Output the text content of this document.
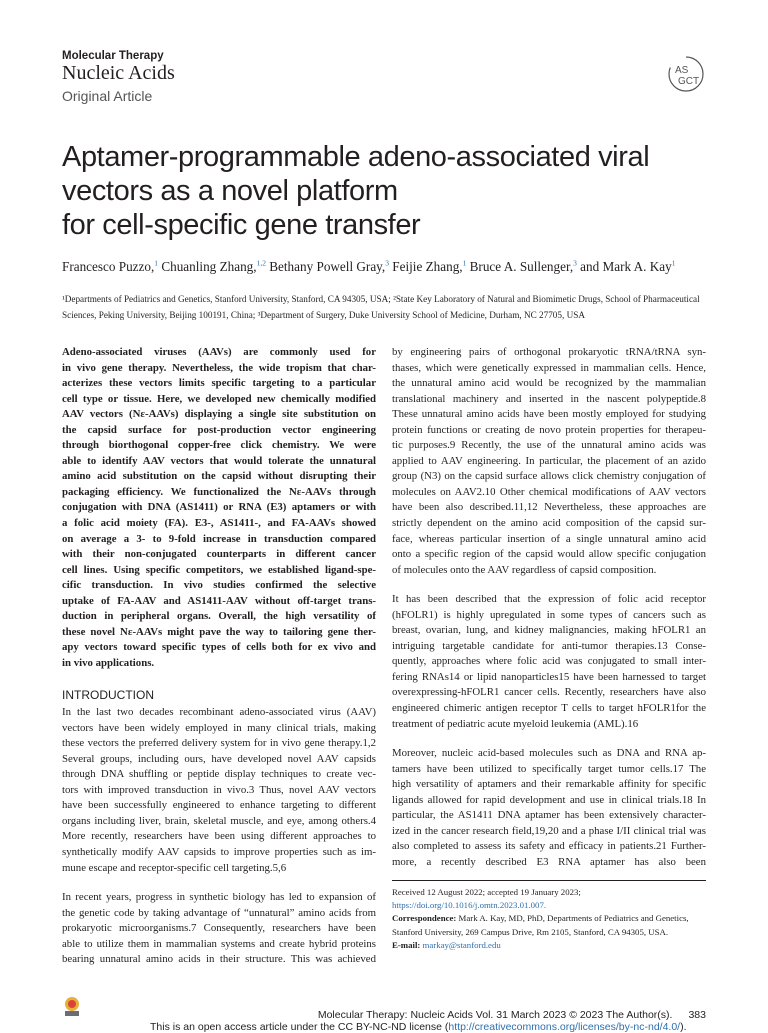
Molecular Therapy
Nucleic Acids
Original Article
AS
GCT
Aptamer-programmable adeno-associated viral
vectors as a novel platform
for cell-specific gene transfer
Francesco Puzzo,$^1$ Chuanling Zhang,$^{1,2}$ Bethany Powell Gray,$^3$ Feijie Zhang,$^1$ Bruce A. Sullenger,$^3$ and Mark A. Kay$^1$
¹Departments of Pediatrics and Genetics, Stanford University, Stanford, CA 94305, USA; ²State Key Laboratory of Natural and Biomimetic Drugs, School of Pharmaceutical
Sciences, Peking University, Beijing 100191, China; ³Department of Surgery, Duke University School of Medicine, Durham, NC 27705, USA

Adeno-associated viruses (AAVs) are commonly used for
in vivo gene therapy. Nevertheless, the wide tropism that char-
acterizes these vectors limits specific targeting to a particular
cell type or tissue. Here, we developed new chemically modified
AAV vectors (Nε-AAVs) displaying a single site substitution on
the capsid surface for post-production vector engineering
through biorthogonal copper-free click chemistry. We were
able to identify AAV vectors that would tolerate the unnatural
amino acid substitution on the capsid without disrupting their
packaging efficiency. We functionalized the Nε-AAVs through
conjugation with DNA (AS1411) or RNA (E3) aptamers or with
a folic acid moiety (FA). E3-, AS1411-, and FA-AAVs showed
on average a 3- to 9-fold increase in transduction compared
with their non-conjugated counterparts in different cancer
cell lines. Using specific competitors, we established ligand-spe-
cific transduction. In vivo studies confirmed the selective
uptake of FA-AAV and AS1411-AAV without off-target trans-
duction in peripheral organs. Overall, the high versatility of
these novel Nε-AAVs might pave the way to tailoring gene ther-
apy vectors toward specific types of cells both for ex vivo and
in vivo applications.

INTRODUCTION

In the last two decades recombinant adeno-associated virus (AAV)
vectors have been widely employed in many clinical trials, making
these vectors the preferred delivery system for in vivo gene therapy.1,2
Several groups, including ours, have developed novel AAV capsids
through DNA shuffling or peptide display techniques to create vec-
tors with improved transduction in vivo.3 Thus, novel AAV vectors
have been successfully engineered to enhance targeting to different
organs including liver, brain, skeletal muscle, and eye, among others.4
More recently, researchers have been using different approaches to
synthetically modify AAV capsids to improve properties such as im-
mune escape and receptor-specific cell targeting.5,6

In recent years, progress in synthetic biology has led to expansion of
the genetic code by taking advantage of “unnatural” amino acids from
prokaryotic microorganisms.7 Consequently, researchers have been
able to utilize them in mammalian systems and create hybrid proteins
bearing unnatural amino acids in their structure. This was achieved

by engineering pairs of orthogonal prokaryotic tRNA/tRNA syn-
thases, which were genetically expressed in mammalian cells. Hence,
the unnatural amino acid would be recognized by the mammalian
translational machinery and inserted in the nascent polypeptide.8
These unnatural amino acids have been mostly employed for studying
protein functions or creating de novo protein properties for therapeu-
tic purposes.9 Recently, the use of the unnatural amino acids was
applied to AAV engineering. In particular, the placement of an azido
group (N3) on the capsid surface allows click chemistry conjugation of
molecules on AAV2.10 Other chemical modifications of AAV vectors
have been also described.11,12 Nevertheless, these approaches are
strictly dependent on the amino acid composition of the capsid sur-
face, whereas particular insertion of a single unnatural amino acid
onto a specific region of the capsid would allow specific conjugation
of molecules onto the AAV regardless of capsid composition.

It has been described that the expression of folic acid receptor
(hFOLR1) is highly upregulated in some types of cancers such as
breast, ovarian, lung, and kidney malignancies, making hFOLR1 an
intriguing targetable candidate for anti-tumor therapies.13 Conse-
quently, approaches where folic acid was conjugated to small inter-
fering RNAs14 or lipid nanoparticles15 have been harnessed to target
overexpressing-hFOLR1 cancer cells. Recently, researchers have also
engineered chimeric antigen receptor T cells to target hFOLR1for the
treatment of pediatric acute myeloid leukemia (AML).16

Moreover, nucleic acid-based molecules such as DNA and RNA ap-
tamers have been utilized to specifically target tumor cells.17 The
high versatility of aptamers and their remarkable affinity for specific
ligands allowed for rapid development and use in clinical trials.18 In
particular, the AS1411 DNA aptamer has been extensively character-
ized in the cancer research field,19,20 and a phase I/II clinical trial was
also completed to assess its safety and efficacy in patients.21 Further-
more, a recently described E3 RNA aptamer has also been

Received 12 August 2022; accepted 19 January 2023;
https://doi.org/10.1016/j.omtn.2023.01.007.
Correspondence: Mark A. Kay, MD, PhD, Departments of Pediatrics and Genetics, Stanford University, 269 Campus Drive, Rm 2105, Stanford, CA 94305, USA.
E-mail: markay@stanford.edu
Molecular Therapy: Nucleic Acids Vol. 31 March 2023 © 2023 The Author(s). 383
This is an open access article under the CC BY-NC-ND license (http://creativecommons.org/licenses/by-nc-nd/4.0/).
